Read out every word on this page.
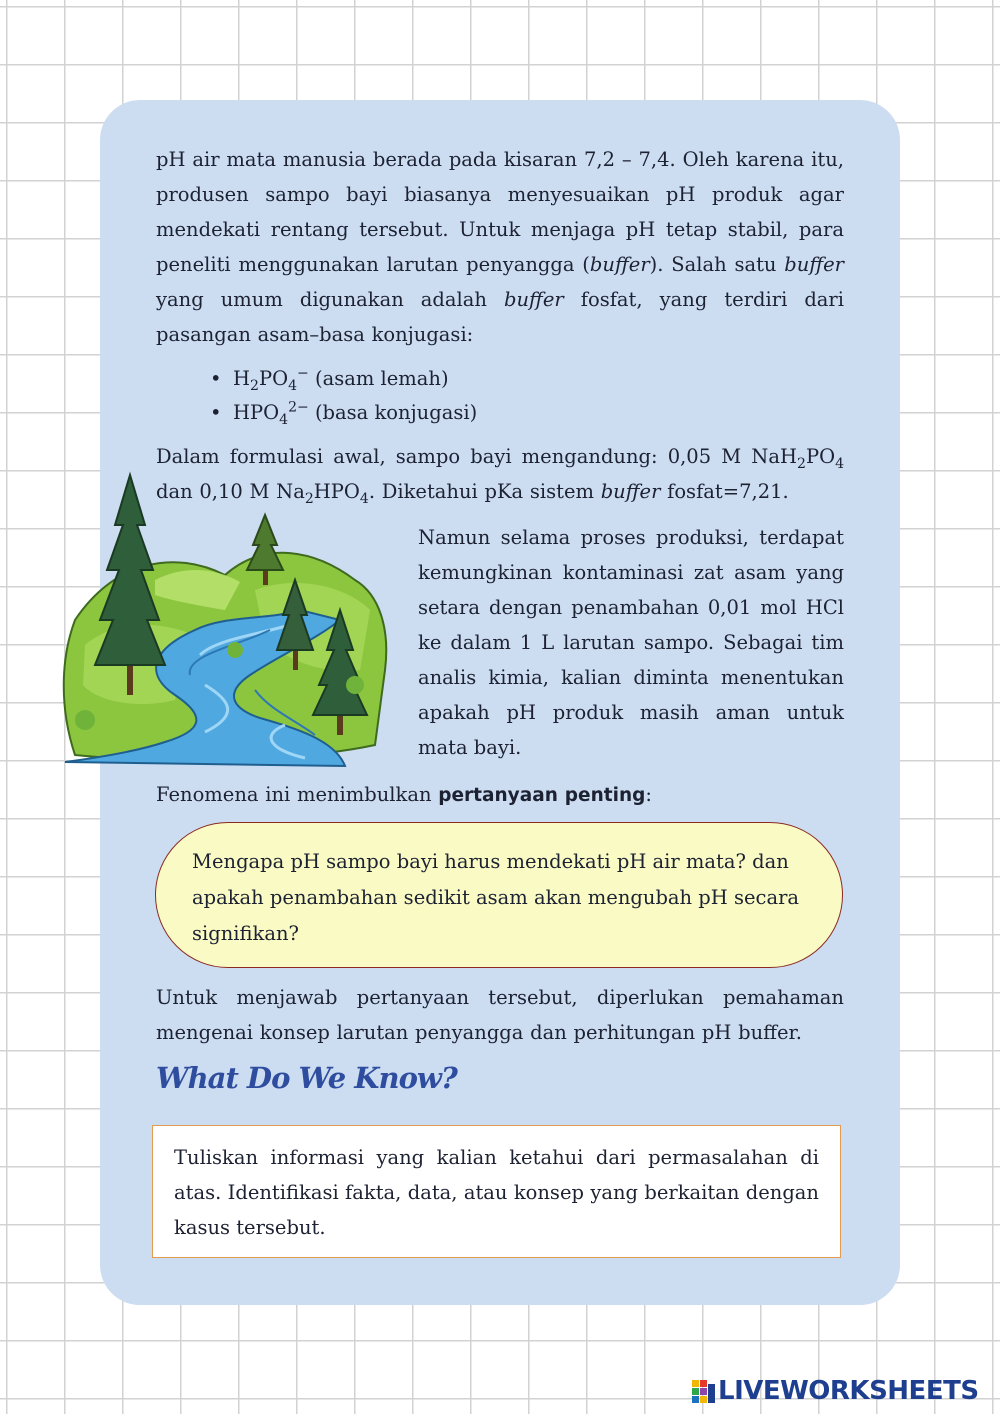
pH air mata manusia berada pada kisaran 7,2 – 7,4. Oleh karena itu, produsen sampo bayi biasanya menyesuaikan pH produk agar mendekati rentang tersebut. Untuk menjaga pH tetap stabil, para peneliti menggunakan larutan penyangga (buffer). Salah satu buffer yang umum digunakan adalah buffer fosfat, yang terdiri dari pasangan asam–basa konjugasi:
• $H_2PO_4^-$ (asam lemah)
• $HPO_4^{2-}$ (basa konjugasi)
Dalam formulasi awal, sampo bayi mengandung: 0,05 M $NaH_2PO_4$ dan 0,10 M $Na_2HPO_4$. Diketahui pKa sistem buffer fosfat=7,21.
Namun selama proses produksi, terdapat kemungkinan kontaminasi zat asam yang setara dengan penambahan 0,01 mol HCl ke dalam 1 L larutan sampo. Sebagai tim analis kimia, kalian diminta menentukan apakah pH produk masih aman untuk mata bayi.
Fenomena ini menimbulkan pertanyaan penting:
Mengapa pH sampo bayi harus mendekati pH air mata? dan apakah penambahan sedikit asam akan mengubah pH secara signifikan?
Untuk menjawab pertanyaan tersebut, diperlukan pemahaman mengenai konsep larutan penyangga dan perhitungan pH buffer.
What Do We Know?
Tuliskan informasi yang kalian ketahui dari permasalahan di atas. Identifikasi fakta, data, atau konsep yang berkaitan dengan kasus tersebut.
LIVEWORKSHEETS
